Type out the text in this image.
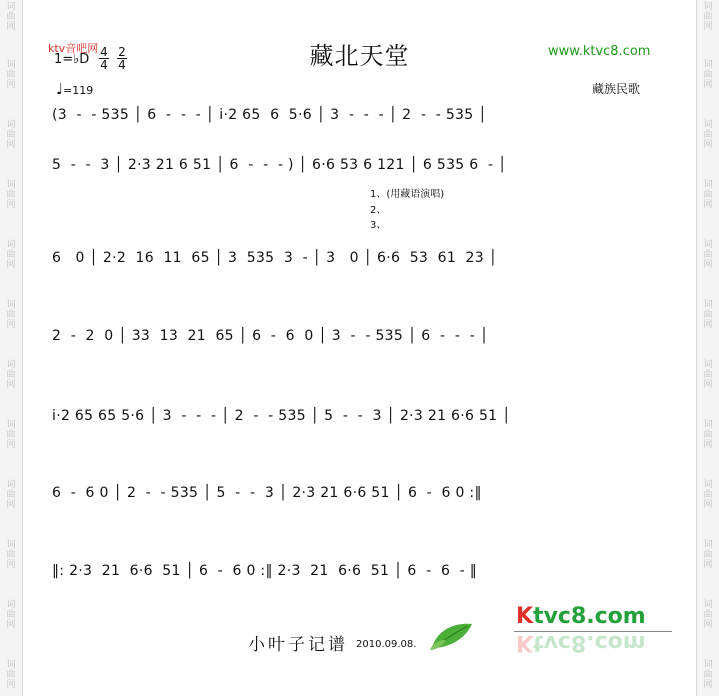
词
曲
网
词
曲
网
词
曲
网
词
曲
网
词
曲
网
词
曲
网
词
曲
网
词
曲
网
词
曲
网
词
曲
网
词
曲
网
词
曲
网
词
曲
网
词
曲
网
词
曲
网
词
曲
网
词
曲
网
词
曲
网
词
曲
网
词
曲
网
词
曲
网
词
曲
网
词
曲
网
词
曲
网
ktv音吧网	藏北天堂	www.ktvc8.com
1=♭D 4
4
2
4
♩=119	藏族民歌
(3  -  - 535 │ 6  -  -  - │ i·2 65  6  5·6 │ 3  -  -  - │ 2  -  - 535 │
5  -  -  3 │ 2·3 21 6 51 │ 6  -  -  - ) │ 6·6 53 6 121 │ 6 535 6  - │
6   0 │ 2·2  16  11  65 │ 3  535  3  - │ 3   0 │ 6·6  53  61  23 │
2  -  2  0 │ 33  13  21  65 │ 6  -  6  0 │ 3  -  - 535 │ 6  -  -  - │
i·2 65 65 5·6 │ 3  -  -  - │ 2  -  - 535 │ 5  -  -  3 │ 2·3 21 6·6 51 │
6  -  6 0 │ 2  -  - 535 │ 5  -  -  3 │ 2·3 21 6·6 51 │ 6  -  6 0 :‖
‖: 2·3  21  6·6  51 │ 6  -  6 0 :‖ 2·3  21  6·6  51 │ 6  -  6  - ‖
1、(用藏语演唱)
2、
3、
小叶子记谱 2010.09.08.
Ktvc8.com
Ktvc8.com
